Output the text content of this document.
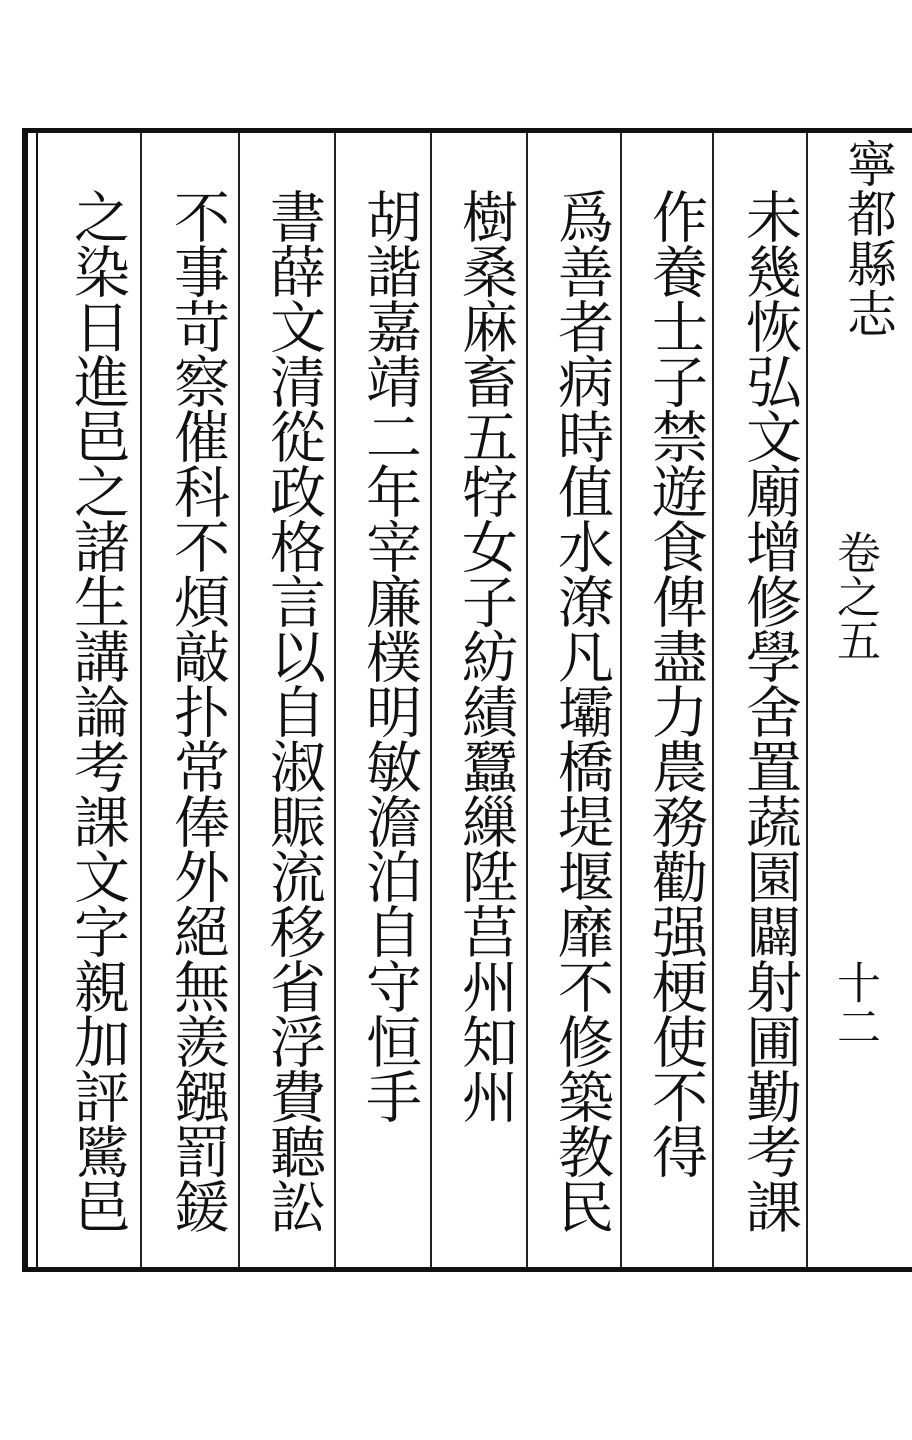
寧都縣志
卷之五
十二
未幾恢弘文廟增修學舍置蔬園闢射圃勤考課
作養士子禁遊食俾盡力農務勸强梗使不得
爲善者病時值水潦凡壩橋堤堰靡不修築教民
樹桑麻畜五牸女子紡績蠶繅陞莒州知州
胡諧嘉靖二年宰廉樸明敏澹泊自守恒手
書薛文清從政格言以自淑賑流移省浮費聽訟
不事苛察催科不煩敲扑常俸外絕無羨鏹罰鍰
之染日進邑之諸生講論考課文字親加評騭邑
